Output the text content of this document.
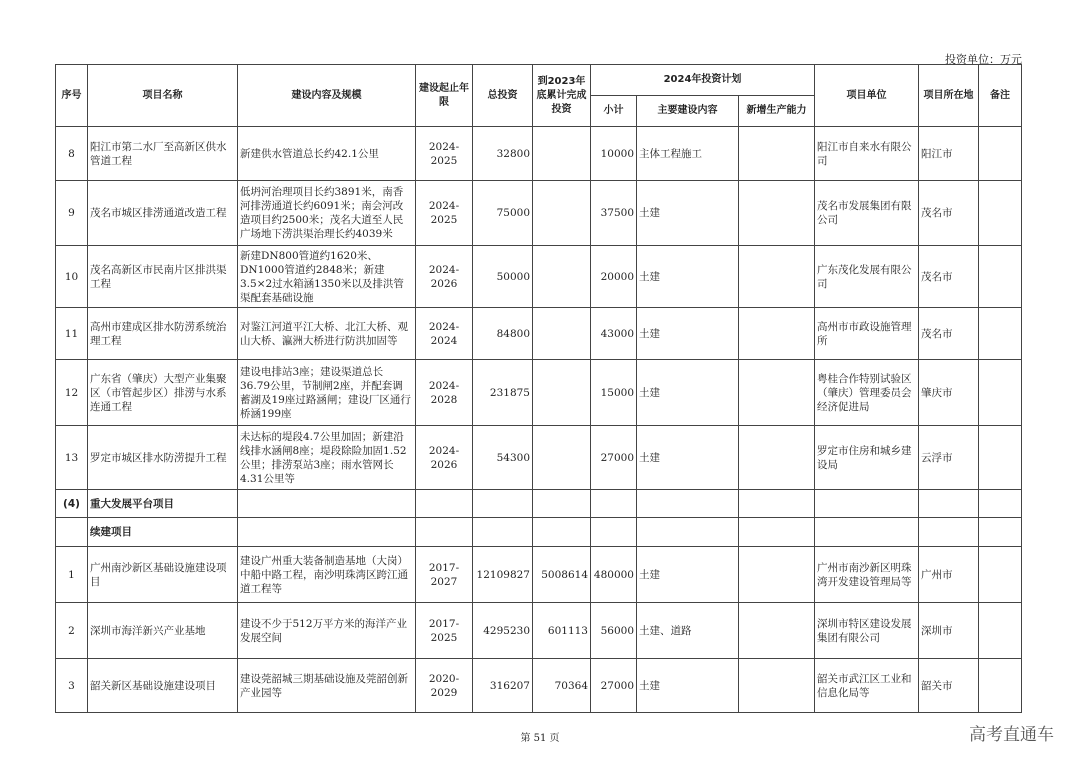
投资单位：万元
序号	项目名称	建设内容及规模	建设起止年限	总投资	到2023年底累计完成投资	2024年投资计划			项目单位	项目所在地	备注
						小计	主要建设内容	新增生产能力			
8	阳江市第二水厂至高新区供水管道工程	新建供水管道总长约42.1公里	2024-2025	32800		10000	主体工程施工		阳江市自来水有限公司	阳江市	
9	茂名市城区排涝通道改造工程	低坍河治理项目长约3891米，南香河排涝通道长约6091米；南会河改造项目约2500米；茂名大道至人民广场地下涝洪渠治理长约4039米	2024-2025	75000		37500	土建		茂名市发展集团有限公司	茂名市	
10	茂名高新区市民南片区排洪渠工程	新建DN800管道约1620米、DN1000管道约2848米；新建3.5×2过水箱涵1350米以及排洪管渠配套基础设施	2024-2026	50000		20000	土建		广东茂化发展有限公司	茂名市	
11	高州市建成区排水防涝系统治理工程	对鉴江河道平江大桥、北江大桥、观山大桥、瀛洲大桥进行防洪加固等	2024-2024	84800		43000	土建		高州市市政设施管理所	茂名市	
12	广东省（肇庆）大型产业集聚区（市管起步区）排涝与水系连通工程	建设电排站3座；建设渠道总长36.79公里，节制闸2座，并配套调蓄湖及19座过路涵闸；建设厂区通行桥涵199座	2024-2028	231875		15000	土建		粤桂合作特别试验区（肇庆）管理委员会经济促进局	肇庆市	
13	罗定市城区排水防涝提升工程	未达标的堤段4.7公里加固；新建沿线排水涵闸8座；堤段除险加固1.52公里；排涝泵站3座；雨水管网长4.31公里等	2024-2026	54300		27000	土建		罗定市住房和城乡建设局	云浮市	
(4)	重大发展平台项目										
	续建项目										
1	广州南沙新区基础设施建设项目	建设广州重大装备制造基地（大岗）中船中路工程，南沙明珠湾区跨江通道工程等	2017-2027	12109827	5008614	480000	土建		广州市南沙新区明珠湾开发建设管理局等	广州市	
2	深圳市海洋新兴产业基地	建设不少于512万平方米的海洋产业发展空间	2017-2025	4295230	601113	56000	土建、道路		深圳市特区建设发展集团有限公司	深圳市	
3	韶关新区基础设施建设项目	建设莞韶城三期基础设施及莞韶创新产业园等	2020-2029	316207	70364	27000	土建		韶关市武江区工业和信息化局等	韶关市	
第 51 页	高考直通车
